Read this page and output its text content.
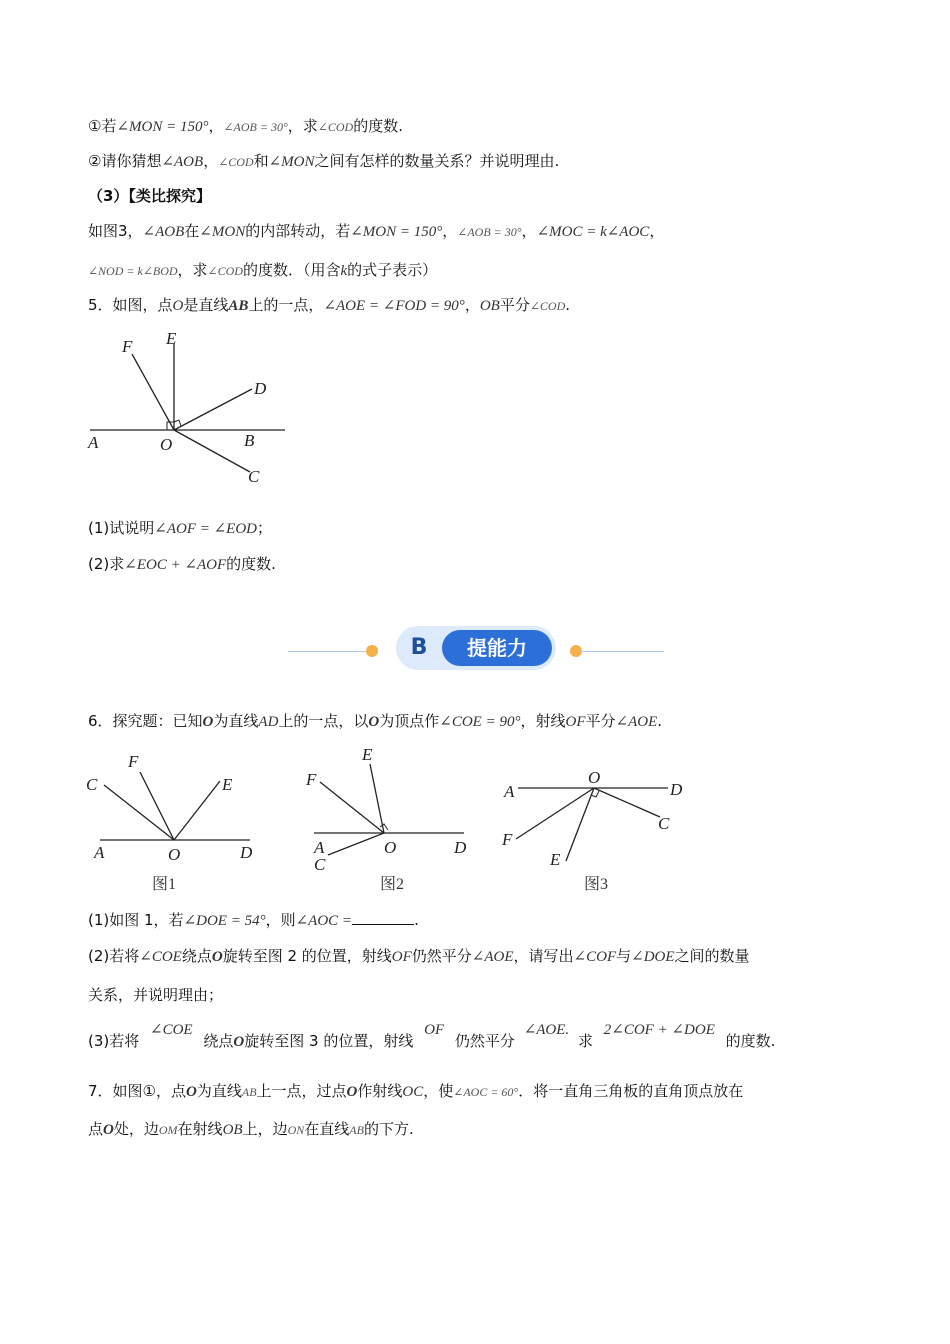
①若∠MON = 150°，∠AOB = 30°，求∠COD的度数.
②请你猜想∠AOB，∠COD和∠MON之间有怎样的数量关系？并说明理由.
（3）【类比探究】
如图3，∠AOB在∠MON的内部转动，若∠MON = 150°，∠AOB = 30°，∠MOC = k∠AOC，
∠NOD = k∠BOD，求∠COD的度数．（用含k的式子表示）
5．如图，点O是直线AB上的一点，∠AOE = ∠FOD = 90°，OB平分∠COD.
A	B
C
D
E
F
O
(1)试说明∠AOF = ∠EOD；
(2)求∠EOC + ∠AOF的度数.
B	提能力
6．探究题：已知O为直线AD上的一点，以O为顶点作∠COE = 90°，射线OF平分∠AOE.
C
F
E
A	O	D
图1
F
E
A
C
O	D
图2
O
A	D
C
F
E
图3
(1)如图 1，若∠DOE = 54°，则∠AOC =	.
(2)若将∠COE绕点O旋转至图 2 的位置，射线OF仍然平分∠AOE，请写出∠COF与∠DOE之间的数量
关系，并说明理由；
(3)若将 ∠COE 绕点O旋转至图 3 的位置，射线 OF 仍然平分 ∠AOE. 求 2∠COF + ∠DOE 的度数.
7．如图①，点O为直线AB上一点，过点O作射线OC，使∠AOC = 60°．将一直角三角板的直角顶点放在
点O处，边OM在射线OB上，边ON在直线AB的下方.
